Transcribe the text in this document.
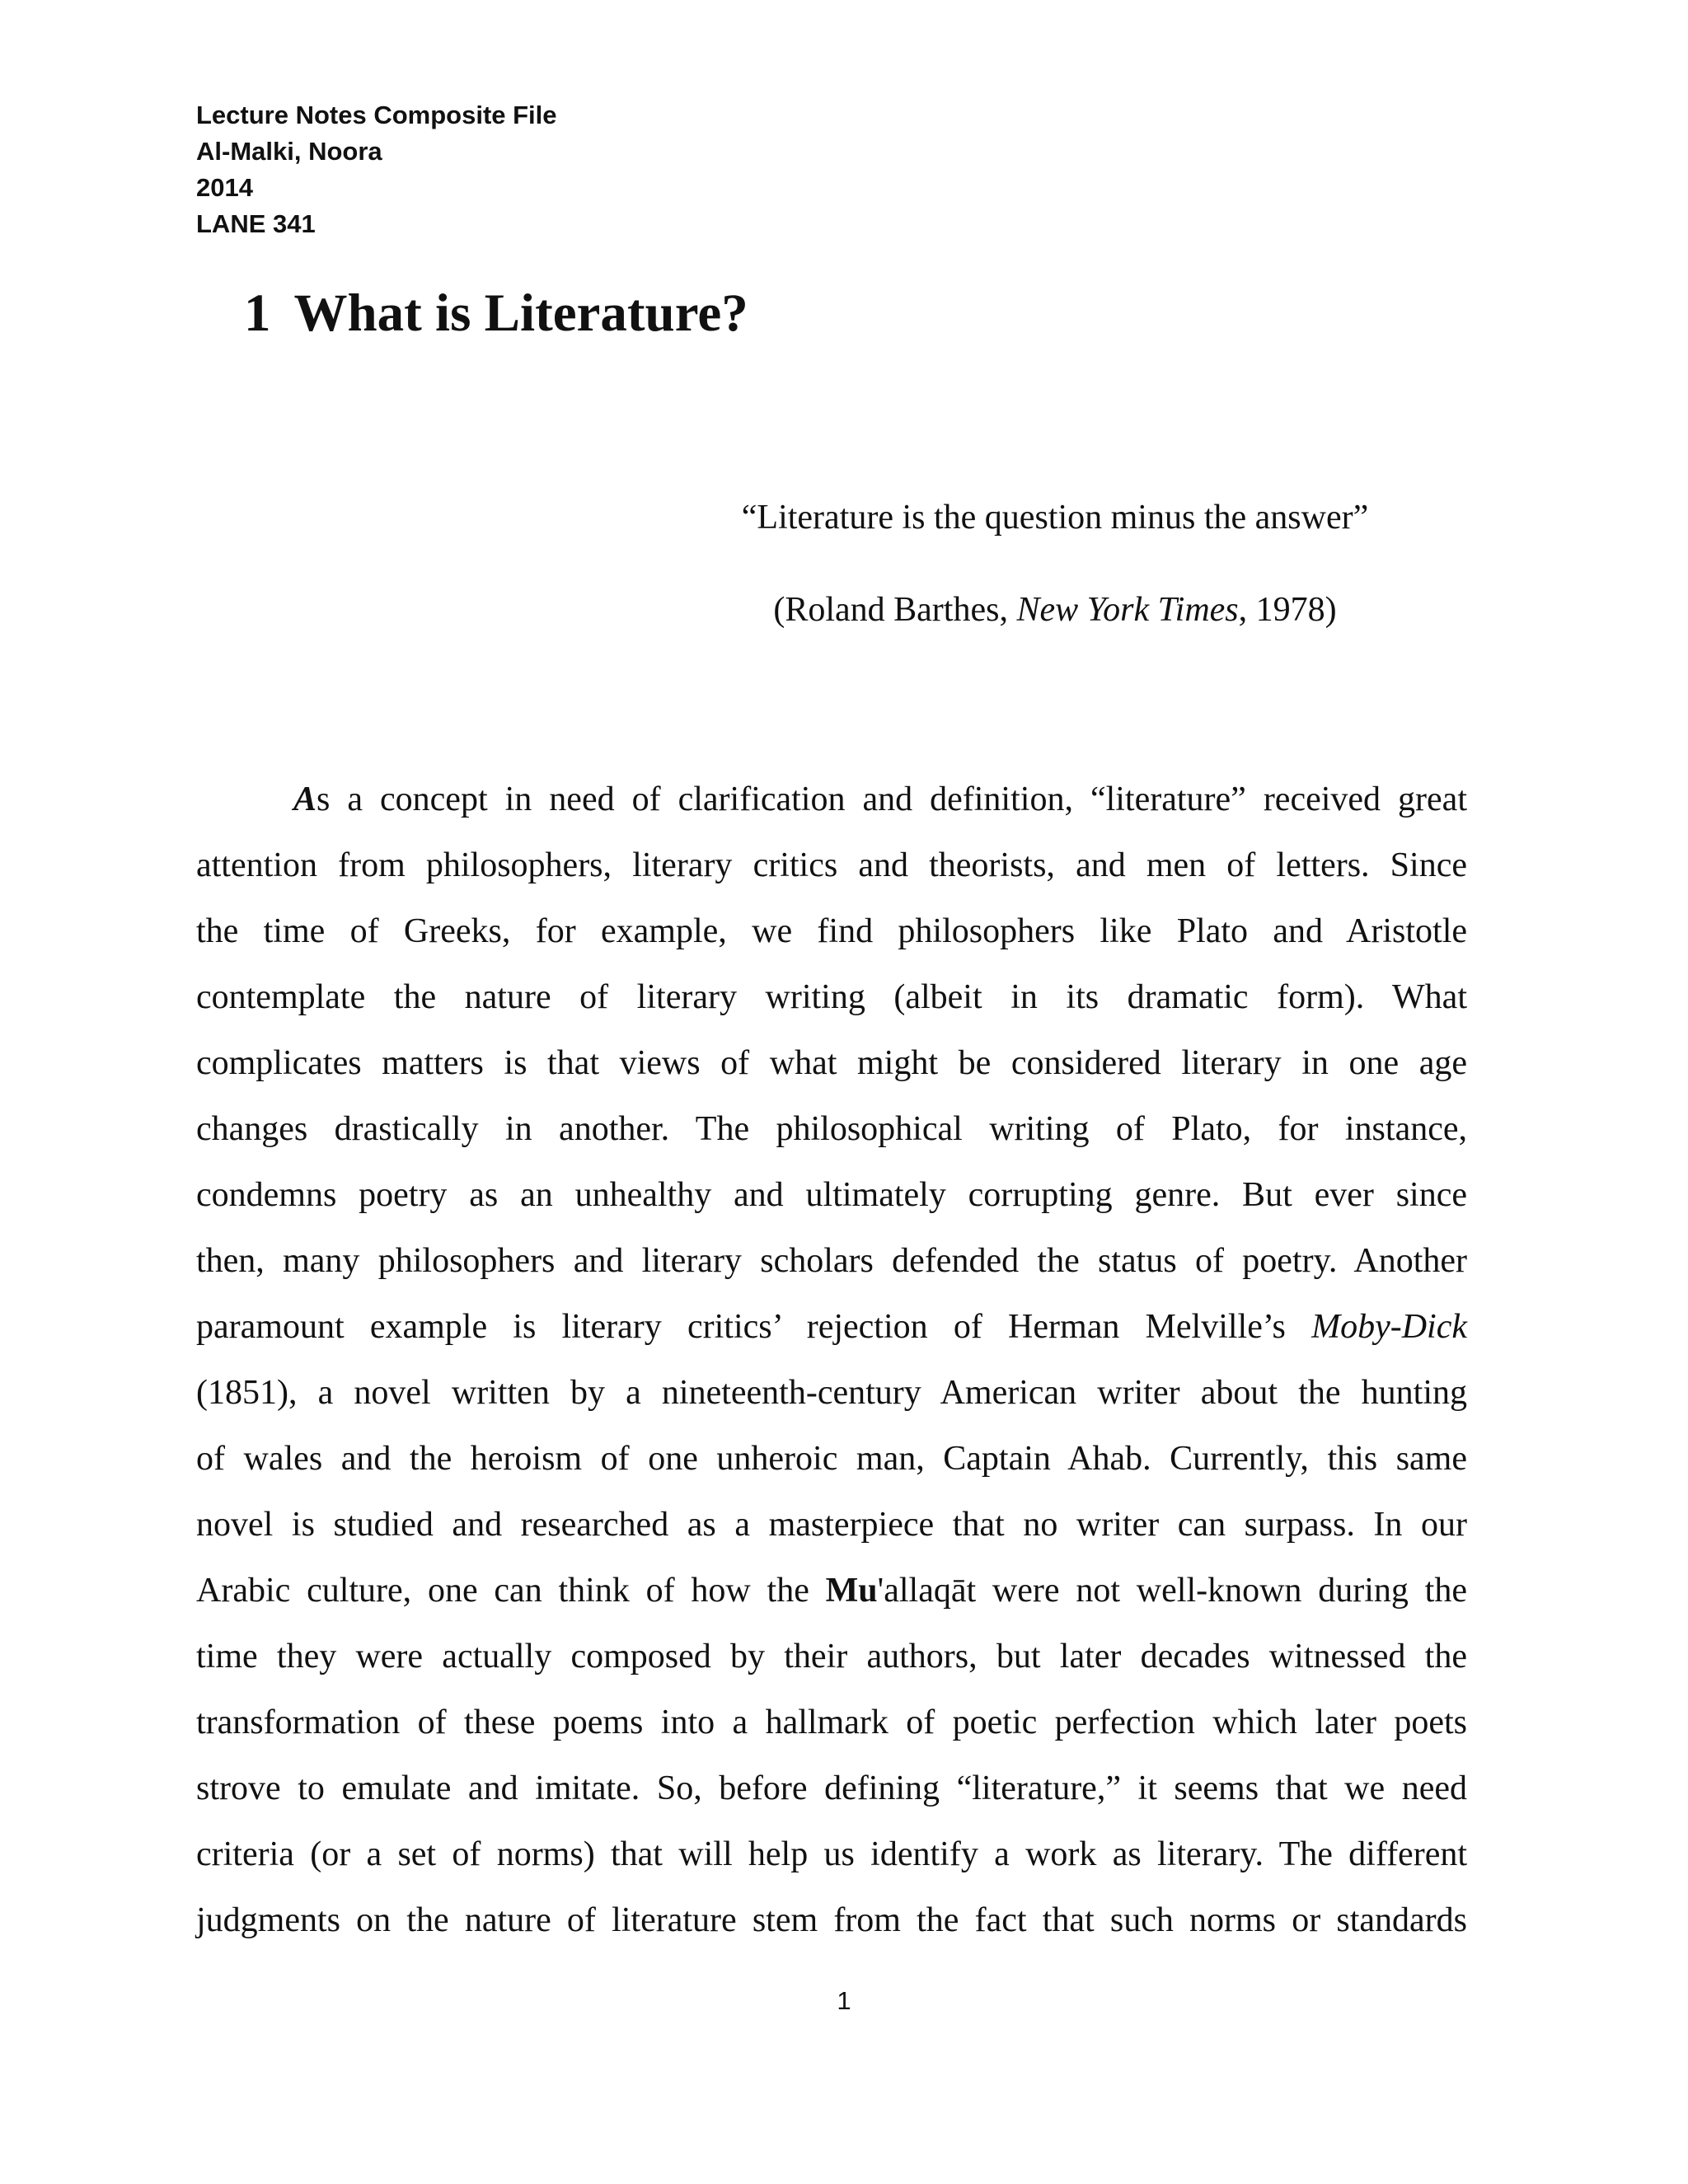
Lecture Notes Composite File
Al-Malki, Noora
2014
LANE 341
1 What is Literature?
“Literature is the question minus the answer”
(Roland Barthes, New York Times, 1978)
As a concept in need of clarification and definition, “literature” received great
attention from philosophers, literary critics and theorists, and men of letters. Since
the time of Greeks, for example, we find philosophers like Plato and Aristotle
contemplate the nature of literary writing (albeit in its dramatic form). What
complicates matters is that views of what might be considered literary in one age
changes drastically in another. The philosophical writing of Plato, for instance,
condemns poetry as an unhealthy and ultimately corrupting genre. But ever since
then, many philosophers and literary scholars defended the status of poetry. Another
paramount example is literary critics’ rejection of Herman Melville’s Moby-Dick
(1851), a novel written by a nineteenth-century American writer about the hunting
of wales and the heroism of one unheroic man, Captain Ahab. Currently, this same
novel is studied and researched as a masterpiece that no writer can surpass. In our
Arabic culture, one can think of how the Mu'allaqāt were not well-known during the
time they were actually composed by their authors, but later decades witnessed the
transformation of these poems into a hallmark of poetic perfection which later poets
strove to emulate and imitate. So, before defining “literature,” it seems that we need
criteria (or a set of norms) that will help us identify a work as literary. The different
judgments on the nature of literature stem from the fact that such norms or standards
1
